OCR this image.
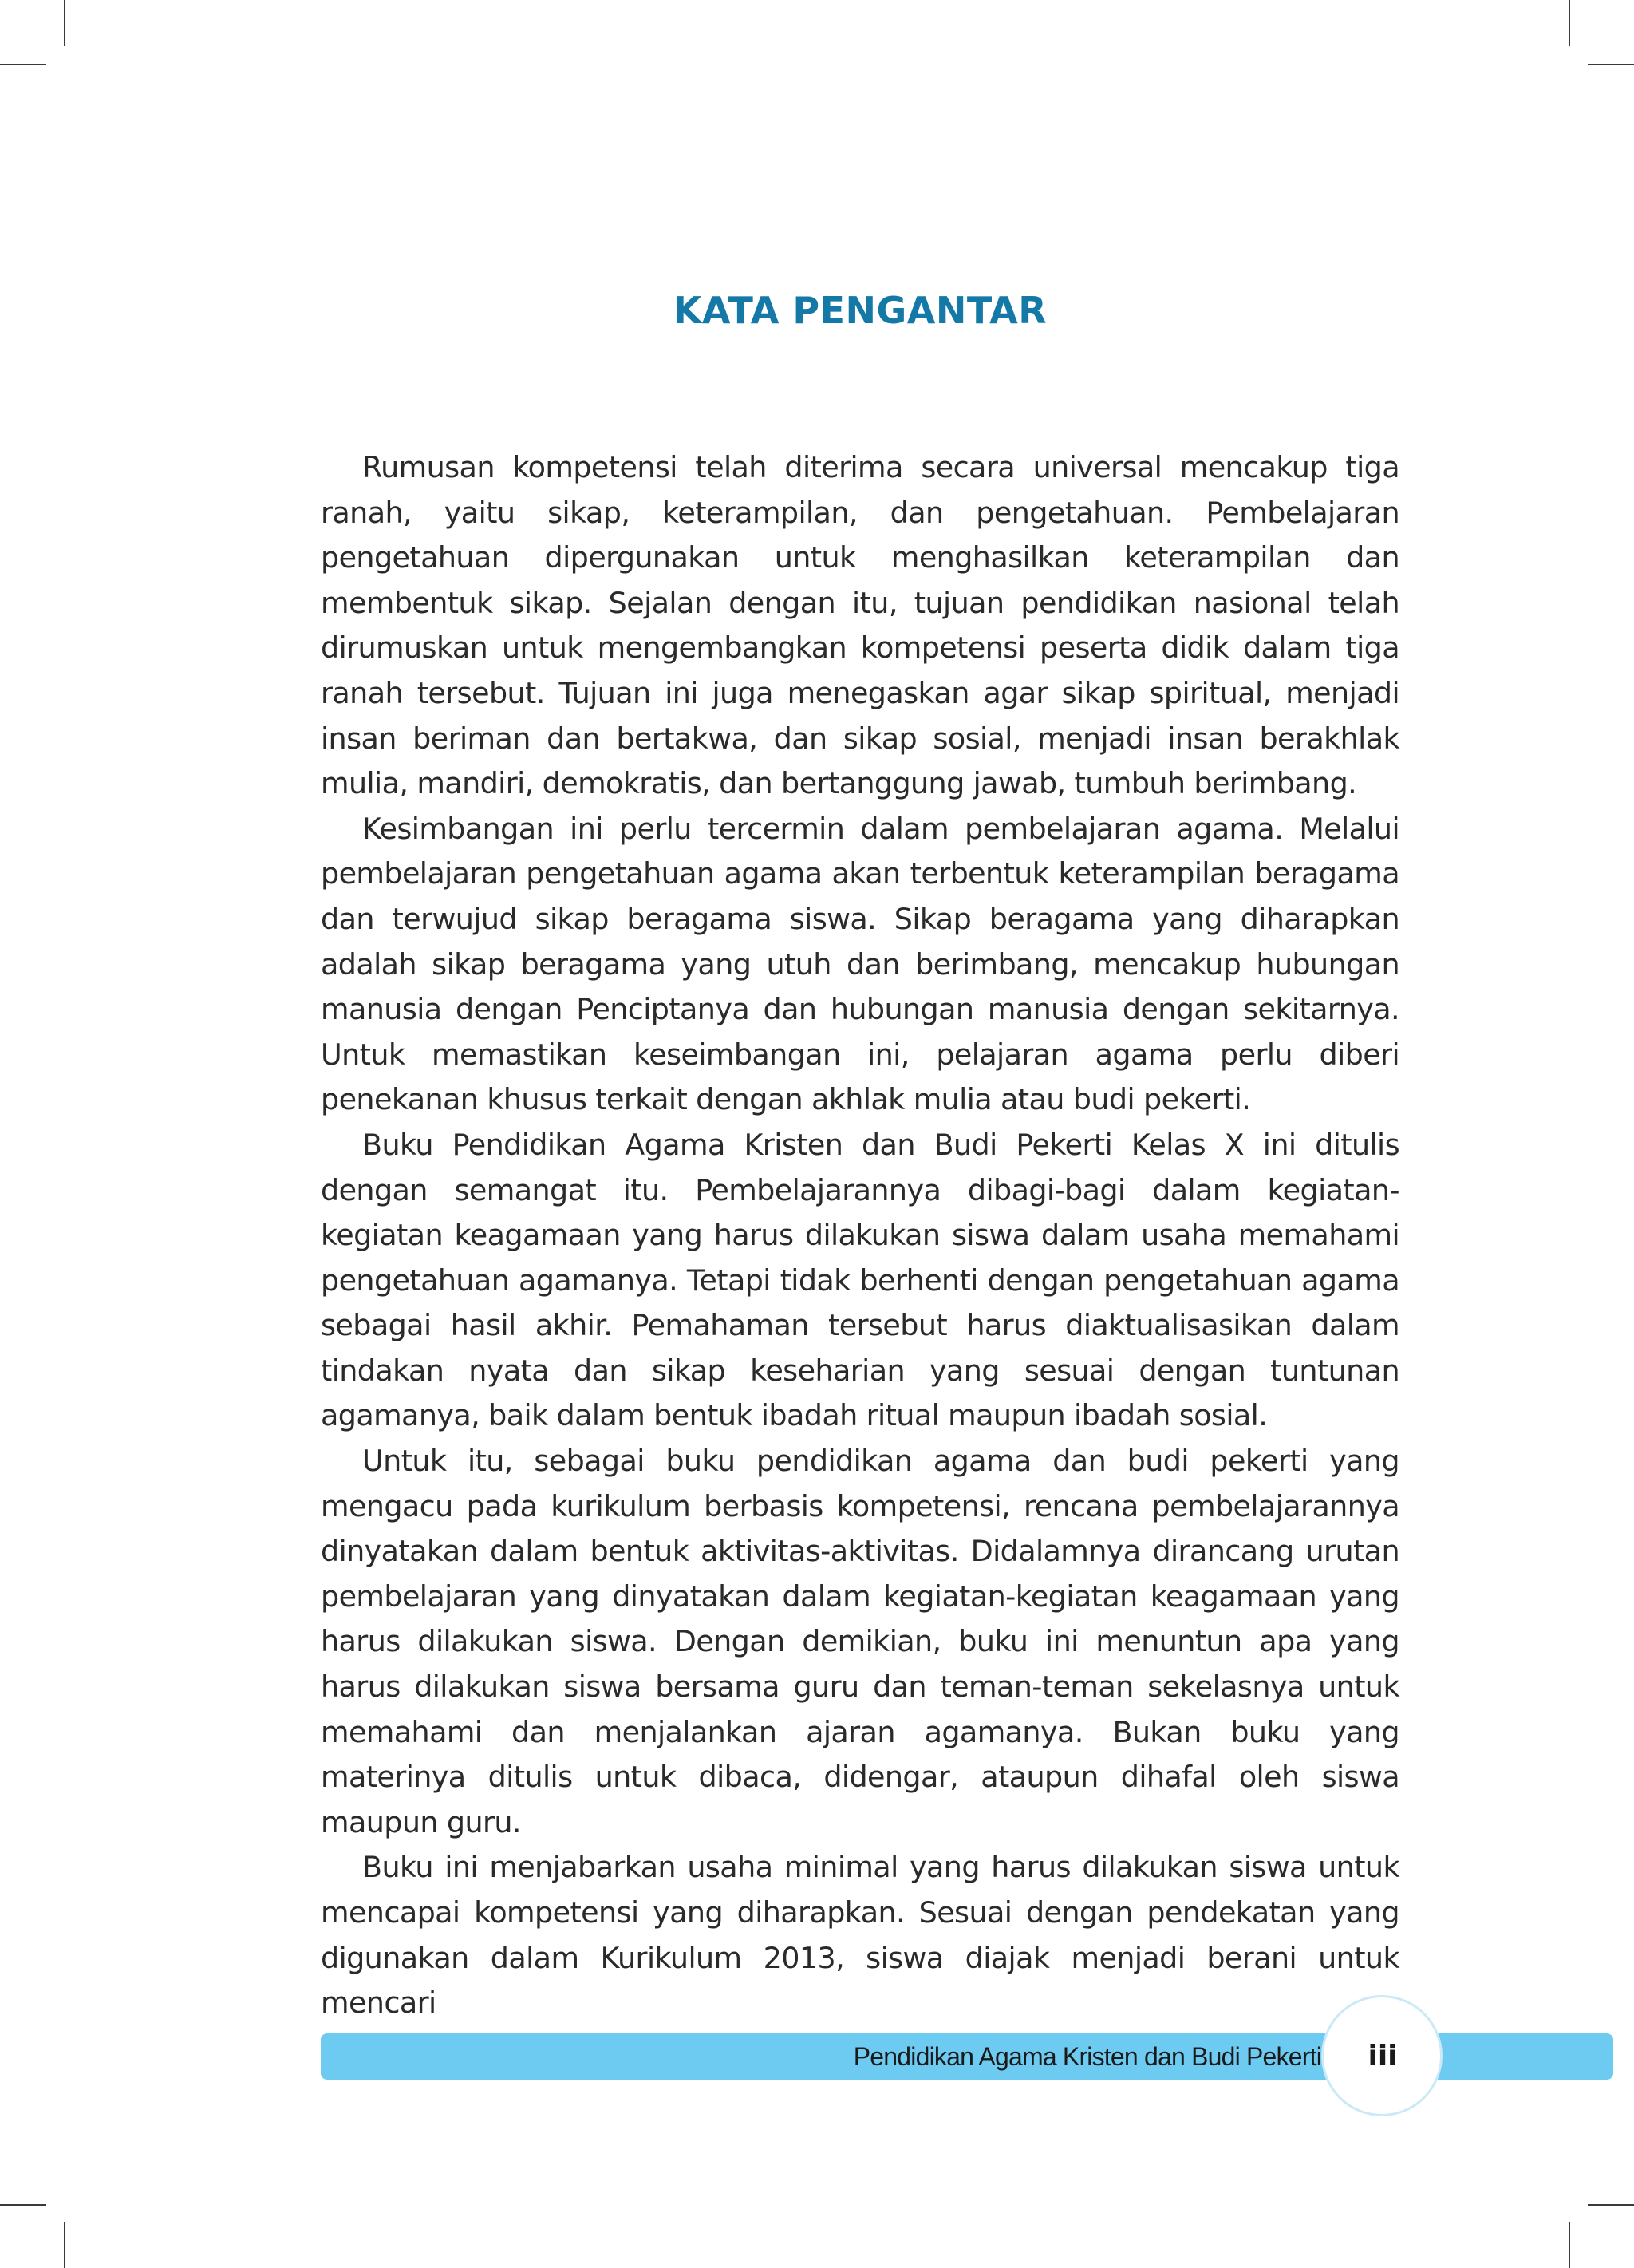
KATA PENGANTAR

Rumusan kompetensi telah diterima secara universal mencakup tiga ranah, yaitu sikap, keterampilan, dan pengetahuan. Pembelajaran pengetahuan dipergunakan untuk menghasilkan keterampilan dan membentuk sikap. Sejalan dengan itu, tujuan pendidikan nasional telah dirumuskan untuk mengembangkan kompetensi peserta didik dalam tiga ranah tersebut. Tujuan ini juga menegaskan agar sikap spiritual, menjadi insan beriman dan bertakwa, dan sikap sosial, menjadi insan berakhlak mulia, mandiri, demokratis, dan bertanggung jawab, tumbuh berimbang.

Kesimbangan ini perlu tercermin dalam pembelajaran agama. Melalui pembelajaran pengetahuan agama akan terbentuk keterampilan beragama dan terwujud sikap beragama siswa. Sikap beragama yang diharapkan adalah sikap beragama yang utuh dan berimbang, mencakup hubungan manusia dengan Penciptanya dan hubungan manusia dengan sekitarnya. Untuk memastikan keseimbangan ini, pelajaran agama perlu diberi penekanan khusus terkait dengan akhlak mulia atau budi pekerti.

Buku Pendidikan Agama Kristen dan Budi Pekerti Kelas X ini ditulis dengan semangat itu. Pembelajarannya dibagi-bagi dalam kegiatan-kegiatan keagamaan yang harus dilakukan siswa dalam usaha memahami pengetahuan agamanya. Tetapi tidak berhenti dengan pengetahuan agama sebagai hasil akhir. Pemahaman tersebut harus diaktualisasikan dalam tindakan nyata dan sikap keseharian yang sesuai dengan tuntunan agamanya, baik dalam bentuk ibadah ritual maupun ibadah sosial.

Untuk itu, sebagai buku pendidikan agama dan budi pekerti yang mengacu pada kurikulum berbasis kompetensi, rencana pembelajarannya dinyatakan dalam bentuk aktivitas-aktivitas. Didalamnya dirancang urutan pembelajaran yang dinyatakan dalam kegiatan-kegiatan keagamaan yang harus dilakukan siswa. Dengan demikian, buku ini menuntun apa yang harus dilakukan siswa bersama guru dan teman-teman sekelasnya untuk memahami dan menjalankan ajaran agamanya. Bukan buku yang materinya ditulis untuk dibaca, didengar, ataupun dihafal oleh siswa maupun guru.

Buku ini menjabarkan usaha minimal yang harus dilakukan siswa untuk mencapai kompetensi yang diharapkan. Sesuai dengan pendekatan yang digunakan dalam Kurikulum 2013, siswa diajak menjadi berani untuk mencari

Pendidikan Agama Kristen dan Budi Pekerti	iii
